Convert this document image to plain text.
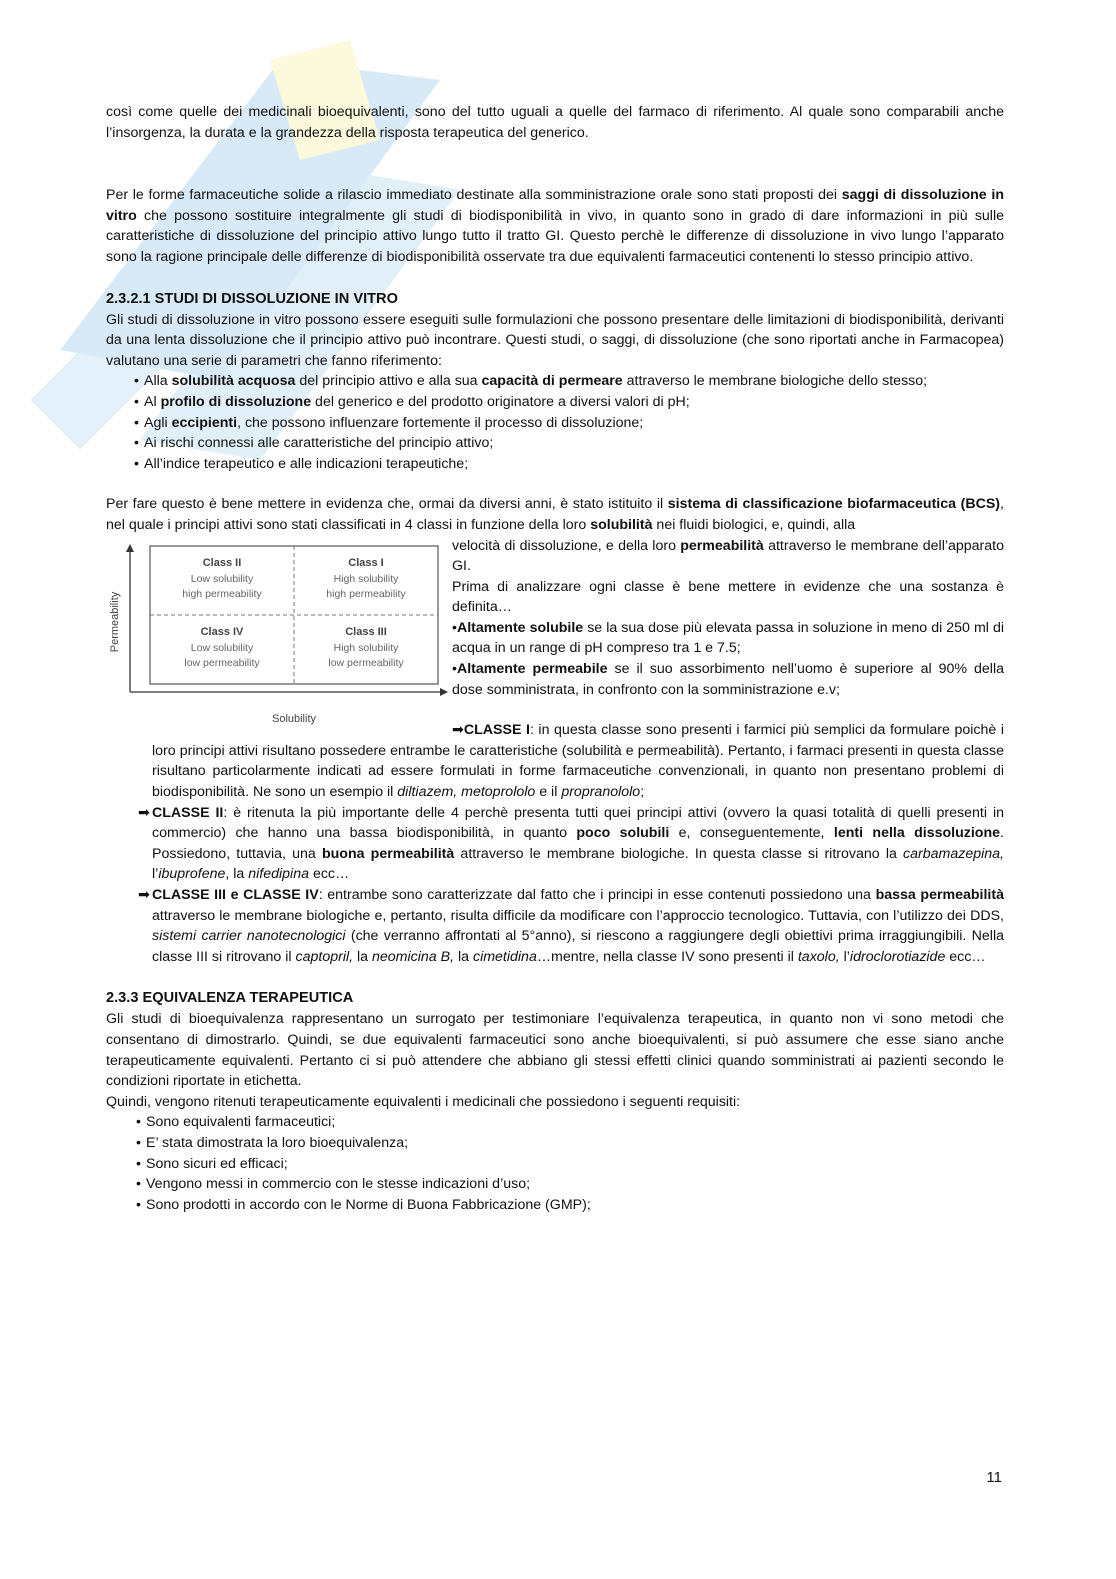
così come quelle dei medicinali bioequivalenti, sono del tutto uguali a quelle del farmaco di riferimento. Al quale sono comparabili anche l’insorgenza, la durata e la grandezza della risposta terapeutica del generico.

Per le forme farmaceutiche solide a rilascio immediato destinate alla somministrazione orale sono stati proposti dei saggi di dissoluzione in vitro che possono sostituire integralmente gli studi di biodisponibilità in vivo, in quanto sono in grado di dare informazioni in più sulle caratteristiche di dissoluzione del principio attivo lungo tutto il tratto GI. Questo perchè le differenze di dissoluzione in vivo lungo l’apparato sono la ragione principale delle differenze di biodisponibilità osservate tra due equivalenti farmaceutici contenenti lo stesso principio attivo.

2.3.2.1 STUDI DI DISSOLUZIONE IN VITRO

Gli studi di dissoluzione in vitro possono essere eseguiti sulle formulazioni che possono presentare delle limitazioni di biodisponibilità, derivanti da una lenta dissoluzione che il principio attivo può incontrare. Questi studi, o saggi, di dissoluzione (che sono riportati anche in Farmacopea) valutano una serie di parametri che fanno riferimento:

• Alla solubilità acquosa del principio attivo e alla sua capacità di permeare attraverso le membrane biologiche dello stesso;
• Al profilo di dissoluzione del generico e del prodotto originatore a diversi valori di pH;
• Agli eccipienti, che possono influenzare fortemente il processo di dissoluzione;
• Ai rischi connessi alle caratteristiche del principio attivo;
• All’indice terapeutico e alle indicazioni terapeutiche;

Per fare questo è bene mettere in evidenza che, ormai da diversi anni, è stato istituito il sistema di classificazione biofarmaceutica (BCS), nel quale i principi attivi sono stati classificati in 4 classi in funzione della loro solubilità nei fluidi biologici, e, quindi, alla

Permeability
Solubility
Class II
Low solubility
high permeability
Class I
High solubility
high permeability
Class IV
Low solubility
low permeability
Class III
High solubility
low permeability

velocità di dissoluzione, e della loro permeabilità attraverso le membrane dell’apparato GI.

Prima di analizzare ogni classe è bene mettere in evidenze che una sostanza è definita…

•Altamente solubile se la sua dose più elevata passa in soluzione in meno di 250 ml di acqua in un range di pH compreso tra 1 e 7.5;

•Altamente permeabile se il suo assorbimento nell’uomo è superiore al 90% della dose somministrata, in confronto con la somministrazione e.v;

➡CLASSE I: in questa classe sono presenti i farmici più semplici da formulare poichè i loro principi attivi risultano possedere entrambe le caratteristiche (solubilità e permeabilità). Pertanto, i farmaci presenti in questa classe risultano particolarmente indicati ad essere formulati in forme farmaceutiche convenzionali, in quanto non presentano problemi di biodisponibilità. Ne sono un esempio il diltiazem, metoprololo e il propranololo;

➡ CLASSE II: è ritenuta la più importante delle 4 perchè presenta tutti quei principi attivi (ovvero la quasi totalità di quelli presenti in commercio) che hanno una bassa biodisponibilità, in quanto poco solubili e, conseguentemente, lenti nella dissoluzione. Possiedono, tuttavia, una buona permeabilità attraverso le membrane biologiche. In questa classe si ritrovano la carbamazepina, l’ibuprofene, la nifedipina ecc…

➡ CLASSE III e CLASSE IV: entrambe sono caratterizzate dal fatto che i principi in esse contenuti possiedono una bassa permeabilità attraverso le membrane biologiche e, pertanto, risulta difficile da modificare con l’approccio tecnologico. Tuttavia, con l’utilizzo dei DDS, sistemi carrier nanotecnologici (che verranno affrontati al 5°anno), si riescono a raggiungere degli obiettivi prima irraggiungibili. Nella classe III si ritrovano il captopril, la neomicina B, la cimetidina…mentre, nella classe IV sono presenti il taxolo, l’idroclorotiazide ecc…

2.3.3 EQUIVALENZA TERAPEUTICA

Gli studi di bioequivalenza rappresentano un surrogato per testimoniare l’equivalenza terapeutica, in quanto non vi sono metodi che consentano di dimostrarlo. Quindi, se due equivalenti farmaceutici sono anche bioequivalenti, si può assumere che esse siano anche terapeuticamente equivalenti. Pertanto ci si può attendere che abbiano gli stessi effetti clinici quando somministrati ai pazienti secondo le condizioni riportate in etichetta.

Quindi, vengono ritenuti terapeuticamente equivalenti i medicinali che possiedono i seguenti requisiti:

• Sono equivalenti farmaceutici;
• E’ stata dimostrata la loro bioequivalenza;
• Sono sicuri ed efficaci;
• Vengono messi in commercio con le stesse indicazioni d’uso;
• Sono prodotti in accordo con le Norme di Buona Fabbricazione (GMP);
11
